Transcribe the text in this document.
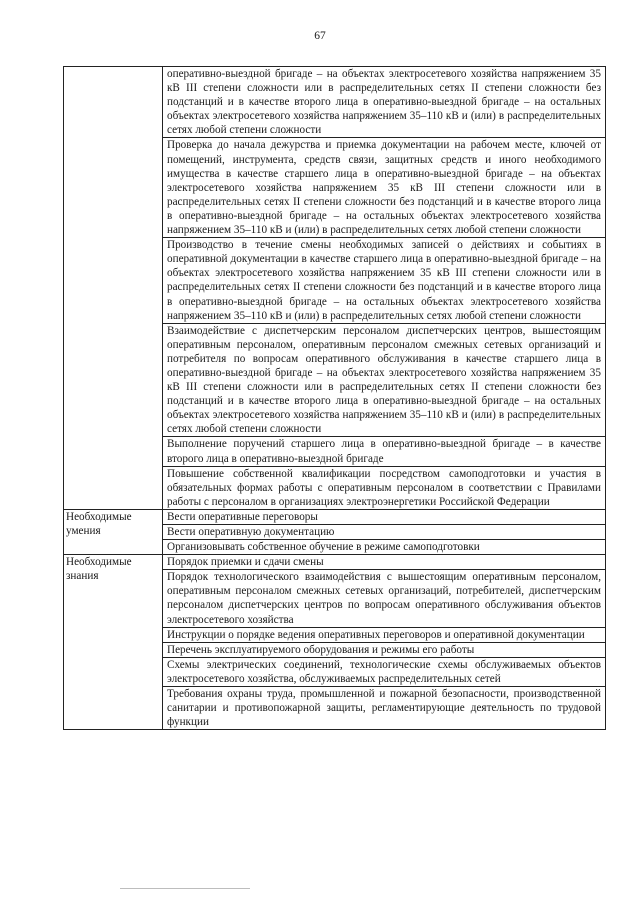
67
	оперативно-выездной бригаде – на объектах электросетевого хозяйства напряжением 35 кВ III степени сложности или в распределительных сетях II степени сложности без подстанций и в качестве второго лица в оперативно-выездной бригаде – на остальных объектах электросетевого хозяйства напряжением 35–110 кВ и (или) в распределительных сетях любой степени сложности
	Проверка до начала дежурства и приемка документации на рабочем месте, ключей от помещений, инструмента, средств связи, защитных средств и иного необходимого имущества в качестве старшего лица в оперативно-выездной бригаде – на объектах электросетевого хозяйства напряжением 35 кВ III степени сложности или в распределительных сетях II степени сложности без подстанций и в качестве второго лица в оперативно-выездной бригаде – на остальных объектах электросетевого хозяйства напряжением 35–110 кВ и (или) в распределительных сетях любой степени сложности
	Производство в течение смены необходимых записей о действиях и событиях в оперативной документации в качестве старшего лица в оперативно-выездной бригаде – на объектах электросетевого хозяйства напряжением 35 кВ III степени сложности или в распределительных сетях II степени сложности без подстанций и в качестве второго лица в оперативно-выездной бригаде – на остальных объектах электросетевого хозяйства напряжением 35–110 кВ и (или) в распределительных сетях любой степени сложности
	Взаимодействие с диспетчерским персоналом диспетчерских центров, вышестоящим оперативным персоналом, оперативным персоналом смежных сетевых организаций и потребителя по вопросам оперативного обслуживания в качестве старшего лица в оперативно-выездной бригаде – на объектах электросетевого хозяйства напряжением 35 кВ III степени сложности или в распределительных сетях II степени сложности без подстанций и в качестве второго лица в оперативно-выездной бригаде – на остальных объектах электросетевого хозяйства напряжением 35–110 кВ и (или) в распределительных сетях любой степени сложности
	Выполнение поручений старшего лица в оперативно-выездной бригаде – в качестве второго лица в оперативно-выездной бригаде
	Повышение собственной квалификации посредством самоподготовки и участия в обязательных формах работы с оперативным персоналом в соответствии с Правилами работы с персоналом в организациях электроэнергетики Российской Федерации
Необходимые умения	Вести оперативные переговоры
	Вести оперативную документацию
	Организовывать собственное обучение в режиме самоподготовки
Необходимые знания	Порядок приемки и сдачи смены
	Порядок технологического взаимодействия с вышестоящим оперативным персоналом, оперативным персоналом смежных сетевых организаций, потребителей, диспетчерским персоналом диспетчерских центров по вопросам оперативного обслуживания объектов электросетевого хозяйства
	Инструкции о порядке ведения оперативных переговоров и оперативной документации
	Перечень эксплуатируемого оборудования и режимы его работы
	Схемы электрических соединений, технологические схемы обслуживаемых объектов электросетевого хозяйства, обслуживаемых распределительных сетей
	Требования охраны труда, промышленной и пожарной безопасности, производственной санитарии и противопожарной защиты, регламентирующие деятельность по трудовой функции
